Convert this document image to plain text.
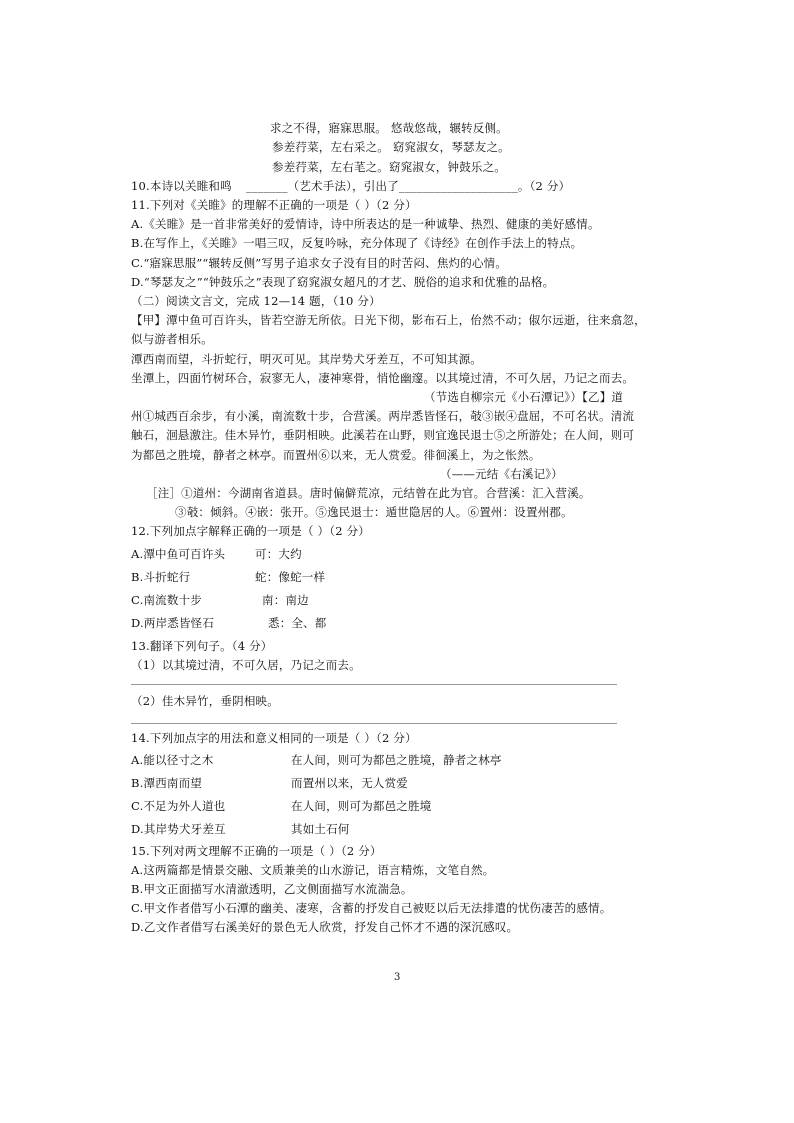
求之不得，寤寐思服。 悠哉悠哉，辗转反侧。
参差荇菜，左右采之。 窈窕淑女，琴瑟友之。
参差荇菜，左右芼之。窈窕淑女，钟鼓乐之。
10.本诗以关睢和鸣 _______（艺术手法），引出了____________________。（2 分）
11.下列对《关睢》的理解不正确的一项是（ ）（2 分）
A.《关睢》是一首非常美好的爱情诗，诗中所表达的是一种诚挚、热烈、健康的美好感情。
B.在写作上，《关睢》一唱三叹，反复吟咏，充分体现了《诗经》在创作手法上的特点。
C.“寤寐思服”“辗转反侧”写男子追求女子没有目的时苦闷、焦灼的心情。
D.“琴瑟友之”“钟鼓乐之”表现了窈窕淑女超凡的才艺、脱俗的追求和优雅的品格。
（二）阅读文言文，完成 12—14 题，（10 分）
【甲】潭中鱼可百许头，皆若空游无所依。日光下彻，影布石上，佁然不动；俶尔远逝，往来翕忽，
似与游者相乐。
潭西南而望，斗折蛇行，明灭可见。其岸势犬牙差互，不可知其源。
坐潭上，四面竹树环合，寂寥无人，凄神寒骨，悄怆幽邃。以其境过清，不可久居，乃记之而去。
（节选自柳宗元《小石潭记》）【乙】道
州①城西百余步，有小溪，南流数十步，合营溪。两岸悉皆怪石，攲③嵌④盘屈，不可名状。清流
触石，洄悬激注。佳木异竹，垂阴相映。此溪若在山野，则宜逸民退士⑤之所游处；在人间，则可
为都邑之胜境，静者之林亭。而置州⑥以来，无人赏爱。徘徊溪上，为之怅然。
（——元结《右溪记》）
［注］①道州：今湖南省道县。唐时偏僻荒凉，元结曾在此为官。合营溪：汇入营溪。
③攲：倾斜。④嵌：张开。⑤逸民退士：遁世隐居的人。⑥置州：设置州郡。
12.下列加点字解释正确的一项是（ ）（2 分）
A.潭中鱼可百许头	可：大约
B.斗折蛇行	蛇：像蛇一样
C.南流数十步	南：南边
D.两岸悉皆怪石	悉：全、都
13.翻译下列句子。（4 分）
（1）以其境过清，不可久居，乃记之而去。
（2）佳木异竹，垂阴相映。
14.下列加点字的用法和意义相同的一项是（ ）（2 分）
A.能以径寸之木	在人间，则可为都邑之胜境，静者之林亭
B.潭西南而望	而置州以来，无人赏爱
C.不足为外人道也	在人间，则可为都邑之胜境
D.其岸势犬牙差互	其如土石何
15.下列对两文理解不正确的一项是（ ）（2 分）
A.这两篇都是情景交融、文质兼美的山水游记，语言精炼，文笔自然。
B.甲文正面描写水清澈透明，乙文侧面描写水流湍急。
C.甲文作者借写小石潭的幽美、凄寒，含蓄的抒发自己被贬以后无法排遣的忧伤凄苦的感情。
D.乙文作者借写右溪美好的景色无人欣赏，抒发自己怀才不遇的深沉感叹。
3
